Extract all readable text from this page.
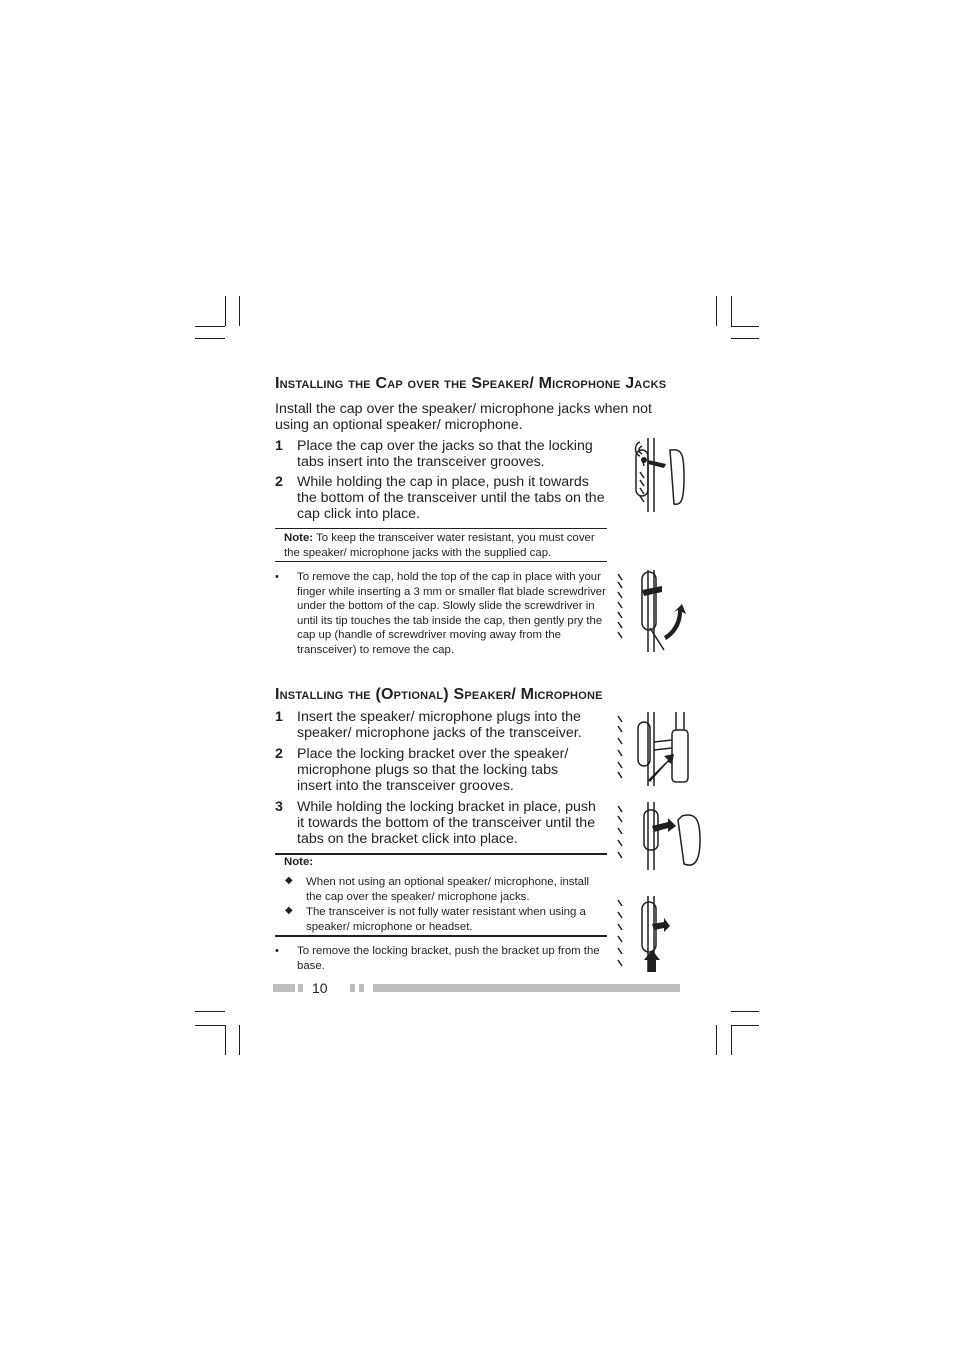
Installing the Cap over the Speaker/ Microphone Jacks
Install the cap over the speaker/ microphone jacks when not using an optional speaker/ microphone.
1 Place the cap over the jacks so that the locking tabs insert into the transceiver grooves.
2 While holding the cap in place, push it towards the bottom of the transceiver until the tabs on the cap click into place.
Note: To keep the transceiver water resistant, you must cover the speaker/ microphone jacks with the supplied cap.
• To remove the cap, hold the top of the cap in place with your finger while inserting a 3 mm or smaller flat blade screwdriver under the bottom of the cap. Slowly slide the screwdriver in until its tip touches the tab inside the cap, then gently pry the cap up (handle of screwdriver moving away from the transceiver) to remove the cap.
Installing the (Optional) Speaker/ Microphone
1 Insert the speaker/ microphone plugs into the speaker/ microphone jacks of the transceiver.
2 Place the locking bracket over the speaker/ microphone plugs so that the locking tabs insert into the transceiver grooves.
3 While holding the locking bracket in place, push it towards the bottom of the transceiver until the tabs on the bracket click into place.
Note:
◆ When not using an optional speaker/ microphone, install the cap over the speaker/ microphone jacks.
◆ The transceiver is not fully water resistant when using a speaker/ microphone or headset.
• To remove the locking bracket, push the bracket up from the base.
10
